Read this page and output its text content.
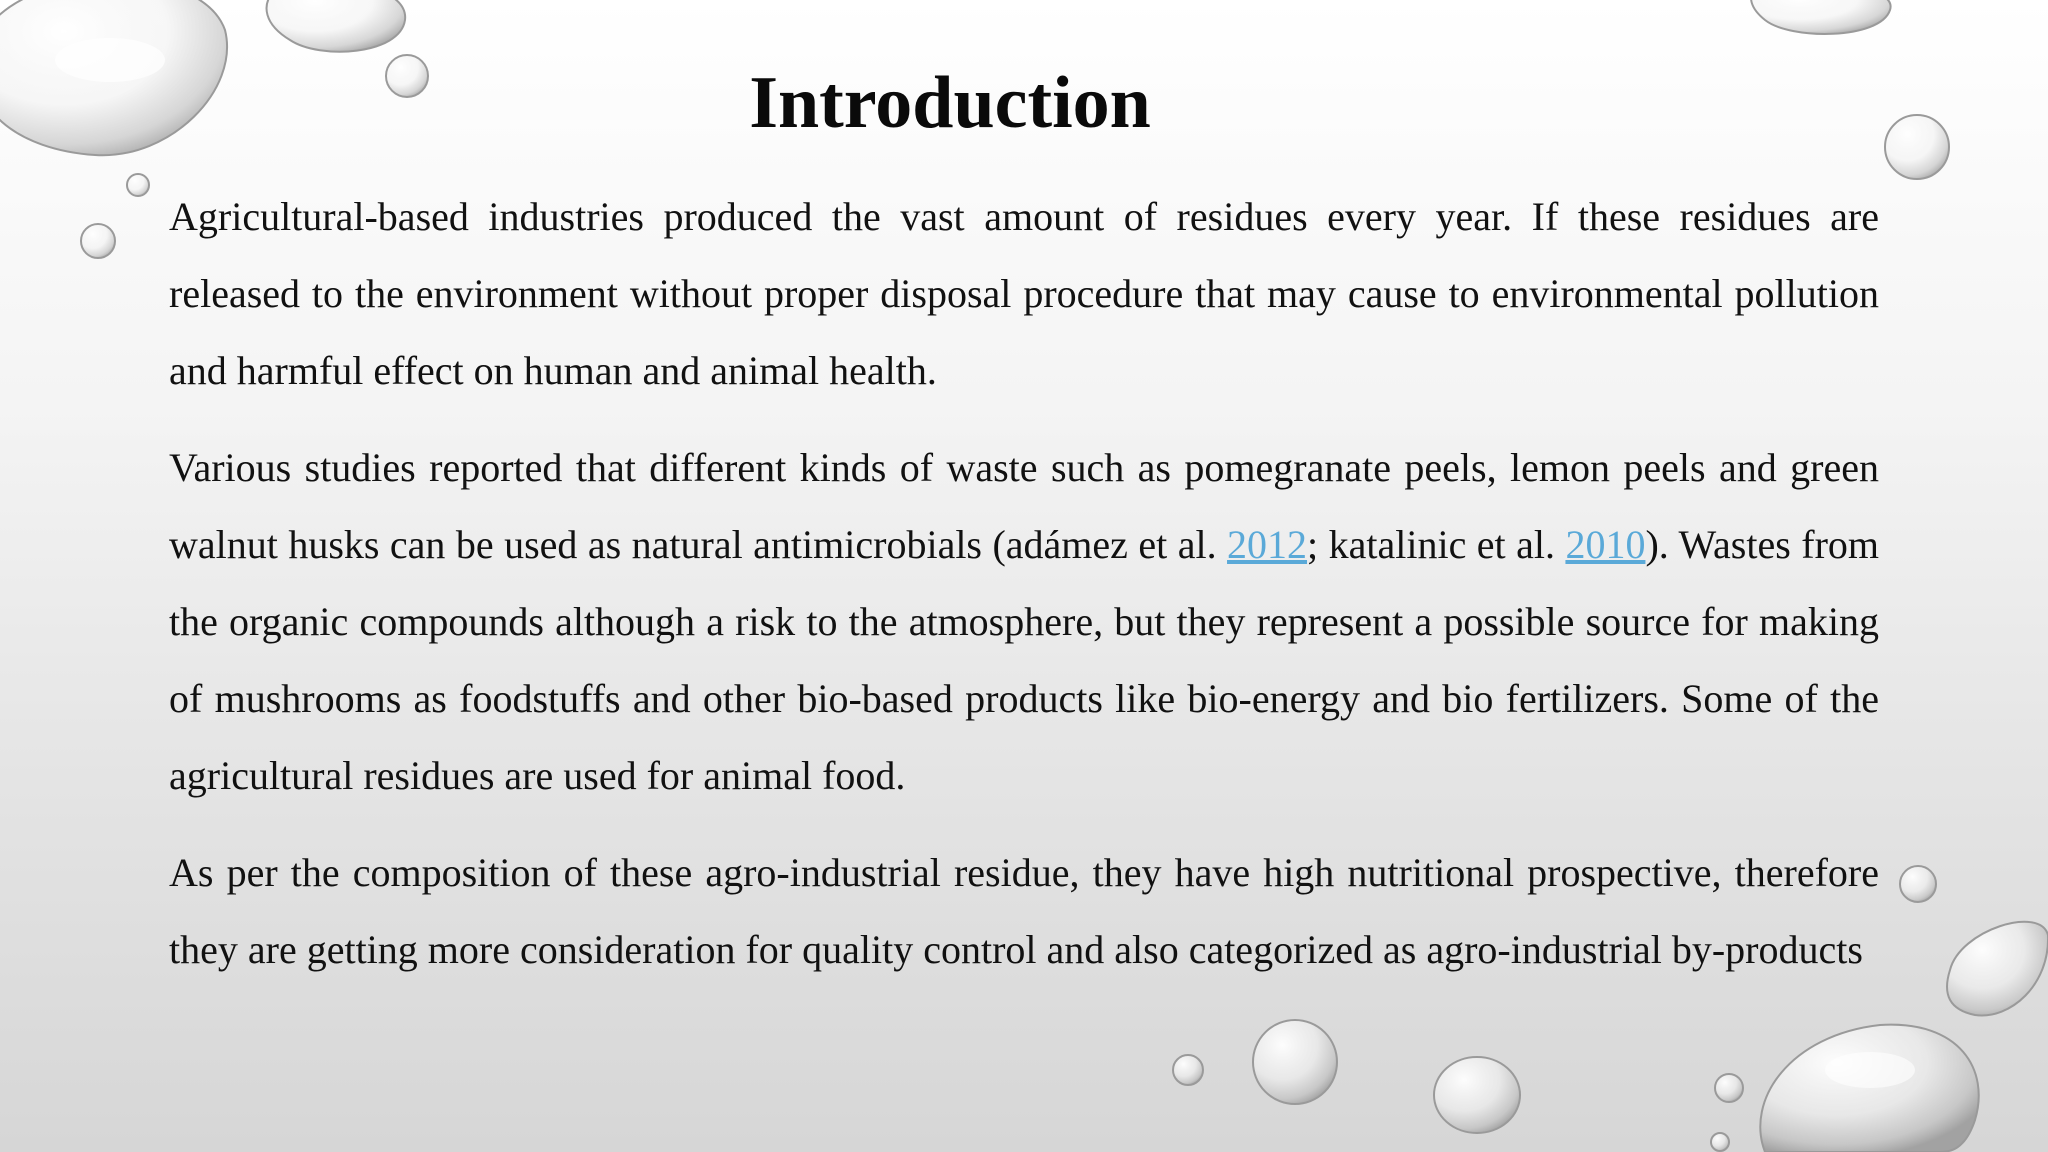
Introduction

Agricultural-based industries produced the vast amount of residues every year. If these residues are released to the environment without proper disposal procedure that may cause to environmental pollution and harmful effect on human and animal health.

Various studies reported that different kinds of waste such as pomegranate peels, lemon peels and green walnut husks can be used as natural antimicrobials (adámez et al. 2012; katalinic et al. 2010). Wastes from the organic compounds although a risk to the atmosphere, but they represent a possible source for making of mushrooms as foodstuffs and other bio-based products like bio-energy and bio fertilizers. Some of the agricultural residues are used for animal food.

As per the composition of these agro-industrial residue, they have high nutritional prospective, therefore they are getting more consideration for quality control and also categorized as agro-industrial by-products
